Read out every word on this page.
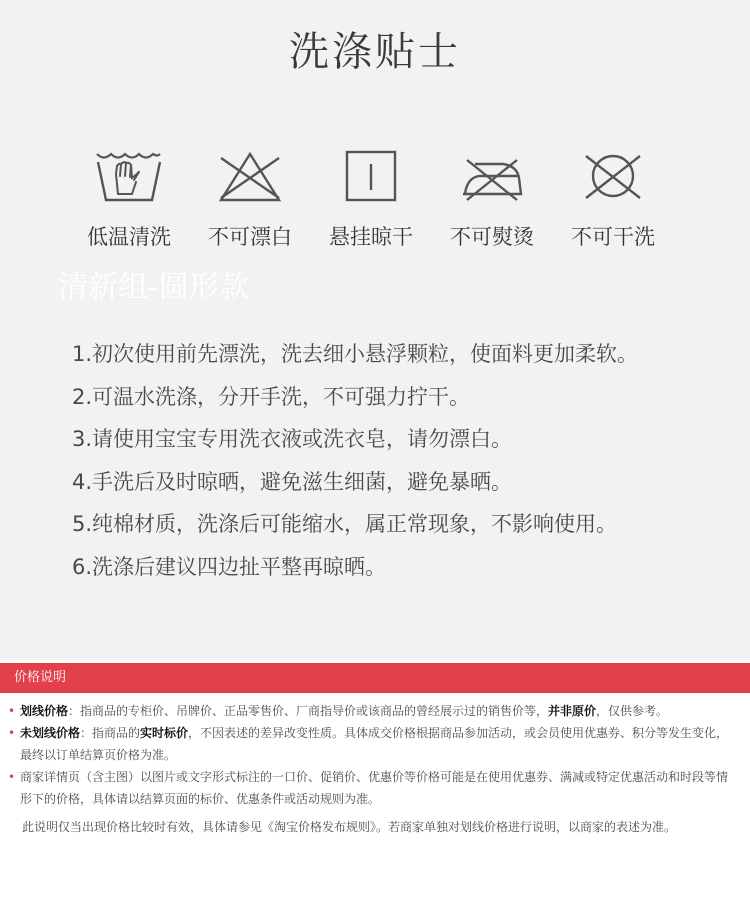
洗涤贴士
低温清洗	不可漂白	悬挂晾干	不可熨烫	不可干洗
清新组-圆形款
1.初次使用前先漂洗，洗去细小悬浮颗粒，使面料更加柔软。
2.可温水洗涤，分开手洗，不可强力拧干。
3.请使用宝宝专用洗衣液或洗衣皂，请勿漂白。
4.手洗后及时晾晒，避免滋生细菌，避免暴晒。
5.纯棉材质，洗涤后可能缩水，属正常现象，不影响使用。
6.洗涤后建议四边扯平整再晾晒。
价格说明
• 划线价格：指商品的专柜价、吊牌价、正品零售价、厂商指导价或该商品的曾经展示过的销售价等，并非原价，仅供参考。
• 未划线价格：指商品的实时标价，不因表述的差异改变性质。具体成交价格根据商品参加活动，或会员使用优惠券、积分等发生变化，最终以订单结算页价格为准。
• 商家详情页（含主图）以图片或文字形式标注的一口价、促销价、优惠价等价格可能是在使用优惠券、满减或特定优惠活动和时段等情形下的价格，具体请以结算页面的标价、优惠条件或活动规则为准。
此说明仅当出现价格比较时有效，具体请参见《淘宝价格发布规则》。若商家单独对划线价格进行说明，以商家的表述为准。
